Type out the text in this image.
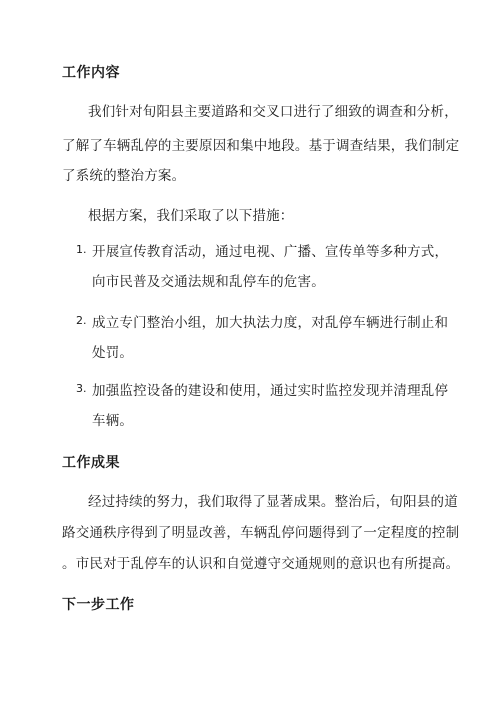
工作内容
我们针对旬阳县主要道路和交叉口进行了细致的调查和分析，
了解了车辆乱停的主要原因和集中地段。基于调查结果，我们制定
了系统的整治方案。
根据方案，我们采取了以下措施：
1. 开展宣传教育活动，通过电视、广播、宣传单等多种方式，
向市民普及交通法规和乱停车的危害。
2. 成立专门整治小组，加大执法力度，对乱停车辆进行制止和
处罚。
3. 加强监控设备的建设和使用，通过实时监控发现并清理乱停
车辆。
工作成果
经过持续的努力，我们取得了显著成果。整治后，旬阳县的道
路交通秩序得到了明显改善，车辆乱停问题得到了一定程度的控制
。市民对于乱停车的认识和自觉遵守交通规则的意识也有所提高。
下一步工作
